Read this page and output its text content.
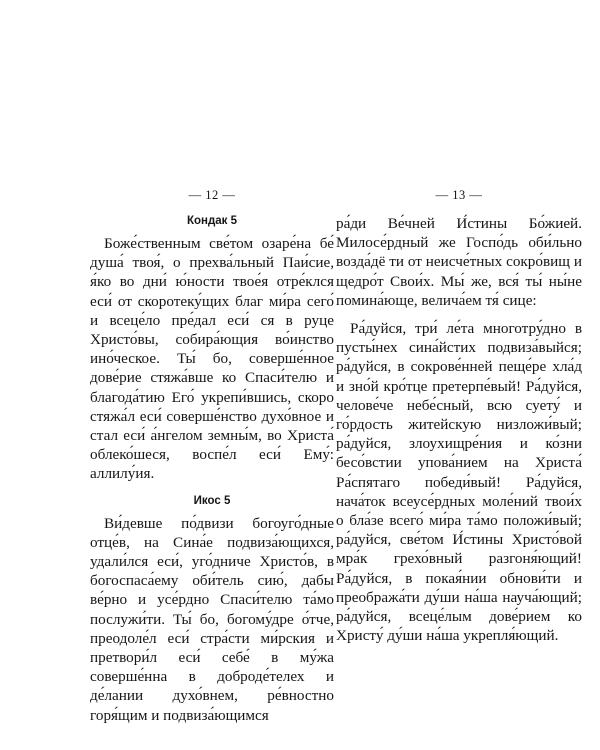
— 12 —
Кондак 5

Боже́ственным све́том озаре́на бе́ душа́ твоя́, о прехва́льный Паи́сие, я́ко во дни́ ю́ности твое́я отре́клся еси́ от скоротеку́щих благ ми́ра сего́ и всеце́ло пре́дал еси́ ся в руце Христо́вы, собира́ющия во́инство ино́ческое. Ты́ бо, соверше́нное дове́рие стяжа́вше ко Спаси́телю и благода́тию Его́ укрепи́вшись, скоро стяжа́л еси́ соверше́нство духо́вное и стал еси́ а́нгелом земны́м, во Христа́ облеко́шеся, воспе́л еси́ Ему́: аллилу́ия.

Икос 5

Ви́девше по́двизи богоуго́дные отце́в, на Сина́е подвиза́ющихся, удали́лся еси́, уго́дниче Христо́в, в богоспаса́ему оби́тель сию́, дабы ве́рно и усе́рдно Спаси́телю та́мо послужи́ти. Ты́ бо, богому́дре о́тче, преодоле́л еси́ стра́сти ми́рския и претвори́л еси́ себе́ в му́жа соверше́нна в доброде́телех и де́лании духо́внем, ре́вностно горя́щим и подвиза́ющимся

— 13 —

ра́ди Ве́чней И́стины Бо́жией. Милосе́рдный же Госпо́дь оби́льно возда́дё ти от неисче́тных сокро́вищ и щедро́т Свои́х. Мы́ же, вся́ ты́ ны́не помина́юще, велича́ем тя́ сице:

Ра́дуйся, три́ ле́та многотру́дно в пусты́нех сина́йстих подвиза́выйся; ра́дуйся, в сокрове́нней пеще́ре хла́д и зно́й кро́тце претерпе́вый! Ра́дуйся, челове́че небе́сный, всю суету́ и го́рдость житейскую низложи́вый; ра́дуйся, злоухищре́ния и ко́зни бесо́встии упова́нием на Христа́ Ра́спятаго победи́вый! Ра́дуйся, нача́ток всеусе́рдных моле́ний твои́х о бла́зе всего́ ми́ра та́мо положи́вый; ра́дуйся, све́том И́стины Христо́вой мра́к грехо́вный разгоня́ющий! Ра́дуйся, в покая́нии обнови́ти и преобража́ти ду́ши на́ша науча́ющий; ра́дуйся, всеце́лым дове́рием ко Христу́ ду́ши на́ша укрепля́ющий.
